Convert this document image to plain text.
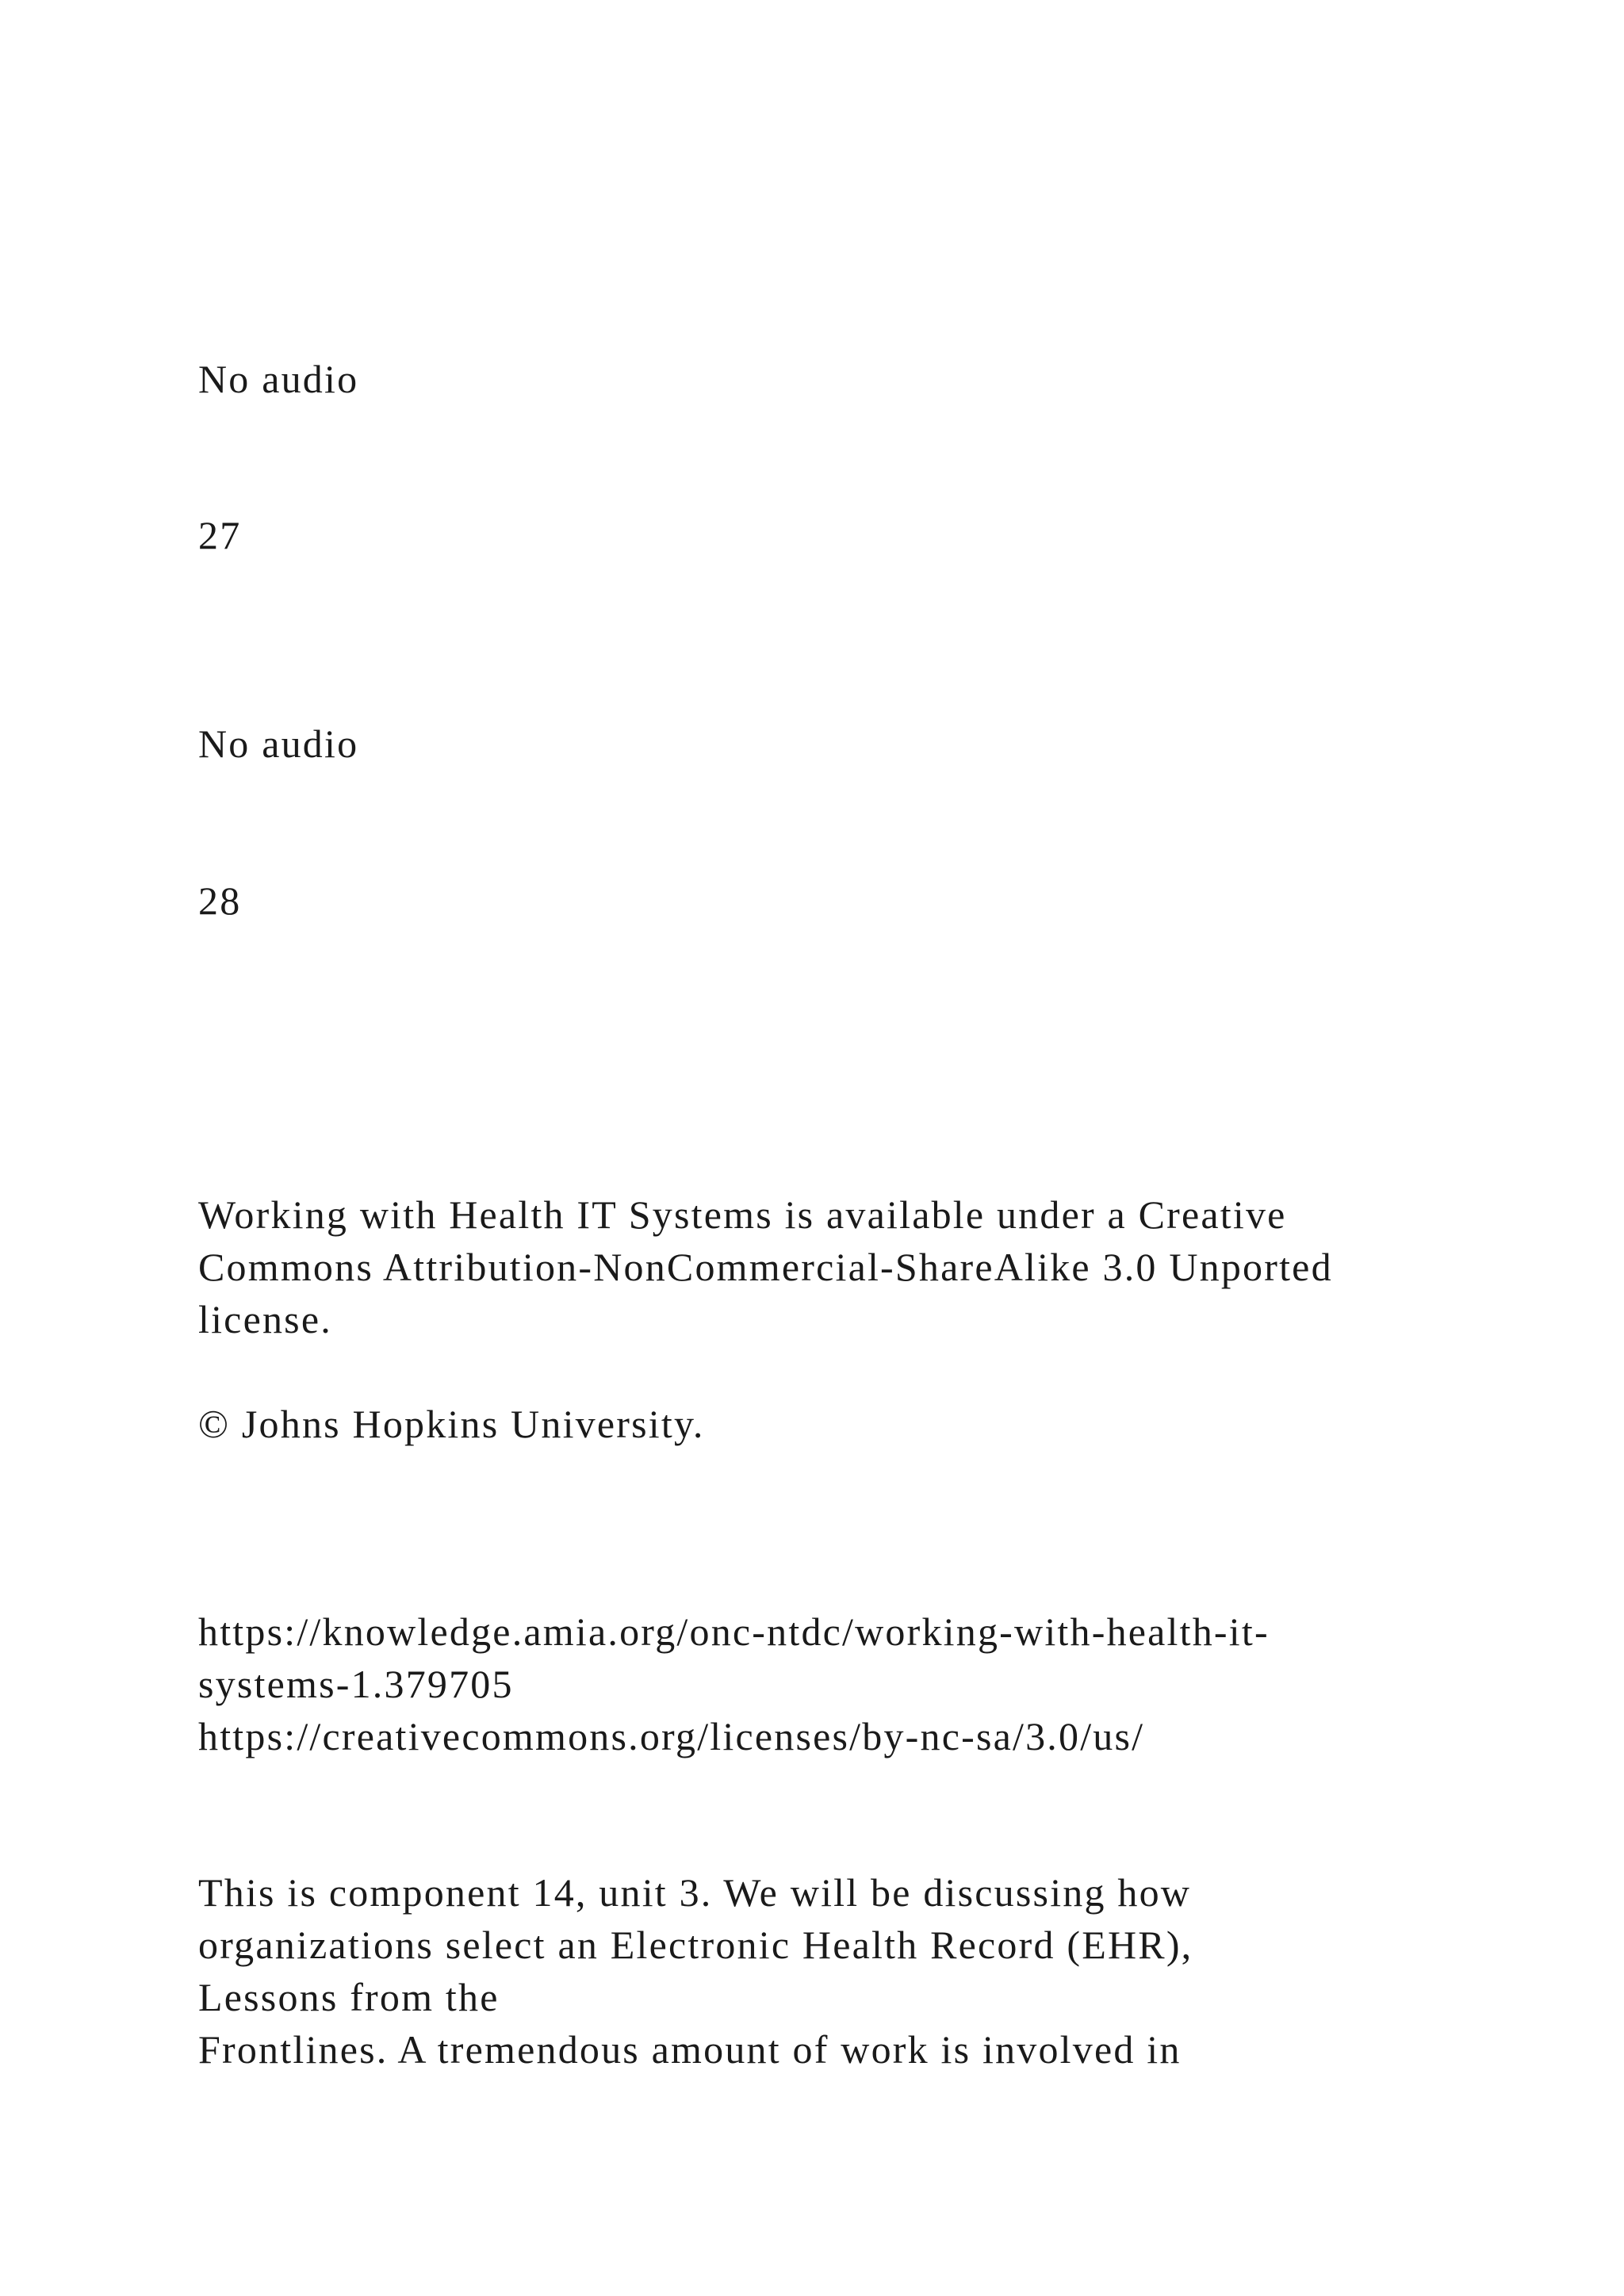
No audio
27
No audio
28
Working with Health IT Systems is available under a Creative
Commons Attribution-NonCommercial-ShareAlike 3.0 Unported
license.
© Johns Hopkins University.
https://knowledge.amia.org/onc-ntdc/working-with-health-it-
systems-1.379705
https://creativecommons.org/licenses/by-nc-sa/3.0/us/
This is component 14, unit 3. We will be discussing how
organizations select an Electronic Health Record (EHR),
Lessons from the
Frontlines. A tremendous amount of work is involved in
